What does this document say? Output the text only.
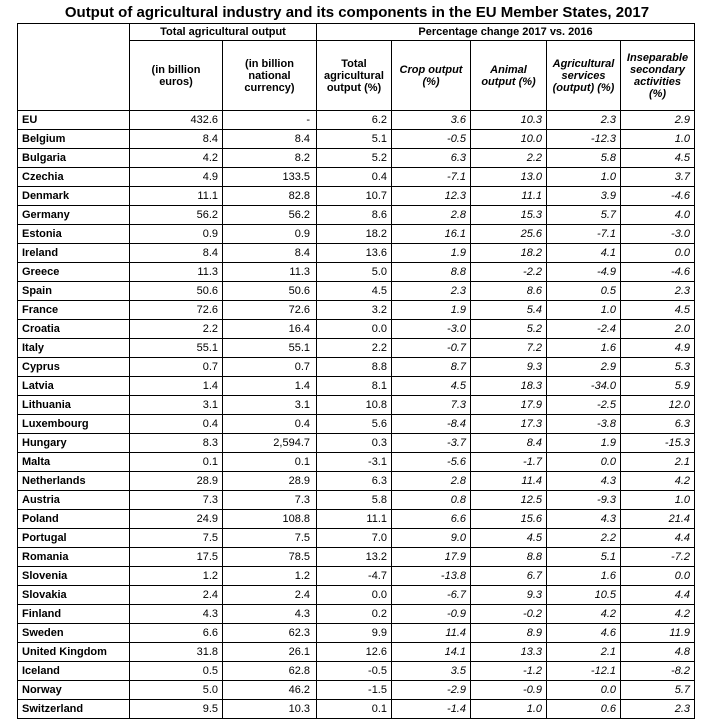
Output of agricultural industry and its components in the EU Member States, 2017
	Total agricultural output		Percentage change 2017 vs. 2016				
	(in billion euros)	(in billion national currency)	Total agricultural output (%)	Crop output (%)	Animal output (%)	Agricultural services (output) (%)	Inseparable secondary activities (%)
EU	432.6	-	6.2	3.6	10.3	2.3	2.9
Belgium	8.4	8.4	5.1	-0.5	10.0	-12.3	1.0
Bulgaria	4.2	8.2	5.2	6.3	2.2	5.8	4.5
Czechia	4.9	133.5	0.4	-7.1	13.0	1.0	3.7
Denmark	11.1	82.8	10.7	12.3	11.1	3.9	-4.6
Germany	56.2	56.2	8.6	2.8	15.3	5.7	4.0
Estonia	0.9	0.9	18.2	16.1	25.6	-7.1	-3.0
Ireland	8.4	8.4	13.6	1.9	18.2	4.1	0.0
Greece	11.3	11.3	5.0	8.8	-2.2	-4.9	-4.6
Spain	50.6	50.6	4.5	2.3	8.6	0.5	2.3
France	72.6	72.6	3.2	1.9	5.4	1.0	4.5
Croatia	2.2	16.4	0.0	-3.0	5.2	-2.4	2.0
Italy	55.1	55.1	2.2	-0.7	7.2	1.6	4.9
Cyprus	0.7	0.7	8.8	8.7	9.3	2.9	5.3
Latvia	1.4	1.4	8.1	4.5	18.3	-34.0	5.9
Lithuania	3.1	3.1	10.8	7.3	17.9	-2.5	12.0
Luxembourg	0.4	0.4	5.6	-8.4	17.3	-3.8	6.3
Hungary	8.3	2,594.7	0.3	-3.7	8.4	1.9	-15.3
Malta	0.1	0.1	-3.1	-5.6	-1.7	0.0	2.1
Netherlands	28.9	28.9	6.3	2.8	11.4	4.3	4.2
Austria	7.3	7.3	5.8	0.8	12.5	-9.3	1.0
Poland	24.9	108.8	11.1	6.6	15.6	4.3	21.4
Portugal	7.5	7.5	7.0	9.0	4.5	2.2	4.4
Romania	17.5	78.5	13.2	17.9	8.8	5.1	-7.2
Slovenia	1.2	1.2	-4.7	-13.8	6.7	1.6	0.0
Slovakia	2.4	2.4	0.0	-6.7	9.3	10.5	4.4
Finland	4.3	4.3	0.2	-0.9	-0.2	4.2	4.2
Sweden	6.6	62.3	9.9	11.4	8.9	4.6	11.9
United Kingdom	31.8	26.1	12.6	14.1	13.3	2.1	4.8
Iceland	0.5	62.8	-0.5	3.5	-1.2	-12.1	-8.2
Norway	5.0	46.2	-1.5	-2.9	-0.9	0.0	5.7
Switzerland	9.5	10.3	0.1	-1.4	1.0	0.6	2.3
